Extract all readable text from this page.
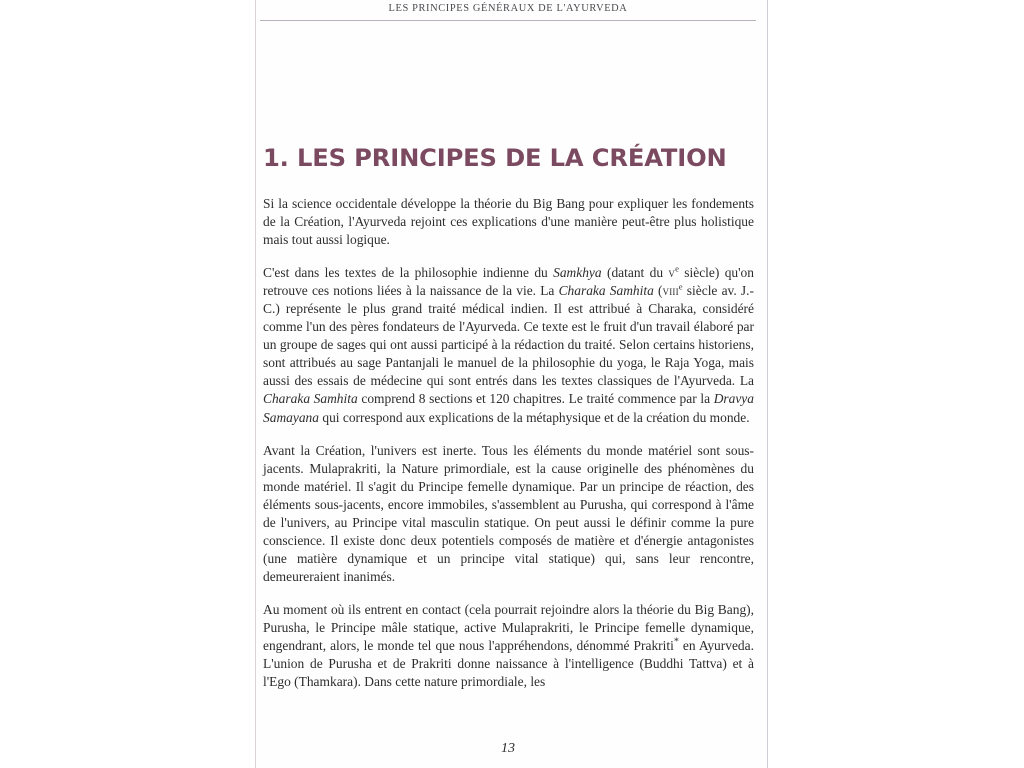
LES PRINCIPES GÉNÉRAUX DE L'AYURVEDA
1. LES PRINCIPES DE LA CRÉATION

Si la science occidentale développe la théorie du Big Bang pour expliquer les fondements de la Création, l'Ayurveda rejoint ces explications d'une manière peut-être plus holistique mais tout aussi logique.

C'est dans les textes de la philosophie indienne du Samkhya (datant du $v^e$ siècle) qu'on retrouve ces notions liées à la naissance de la vie. La Charaka Samhita (viii$^e$ siècle av. J.-C.) représente le plus grand traité médical indien. Il est attribué à Charaka, considéré comme l'un des pères fondateurs de l'Ayurveda. Ce texte est le fruit d'un travail élaboré par un groupe de sages qui ont aussi participé à la rédaction du traité. Selon certains historiens, sont attribués au sage Pantanjali le manuel de la philosophie du yoga, le Raja Yoga, mais aussi des essais de médecine qui sont entrés dans les textes classiques de l'Ayurveda. La Charaka Samhita comprend 8 sections et 120 chapitres. Le traité commence par la Dravya Samayana qui correspond aux explications de la métaphysique et de la création du monde.

Avant la Création, l'univers est inerte. Tous les éléments du monde matériel sont sous-jacents. Mulaprakriti, la Nature primordiale, est la cause originelle des phénomènes du monde matériel. Il s'agit du Principe femelle dynamique. Par un principe de réaction, des éléments sous-jacents, encore immobiles, s'assemblent au Purusha, qui correspond à l'âme de l'univers, au Principe vital masculin statique. On peut aussi le définir comme la pure conscience. Il existe donc deux potentiels composés de matière et d'énergie antagonistes (une matière dynamique et un principe vital statique) qui, sans leur rencontre, demeureraient inanimés.

Au moment où ils entrent en contact (cela pourrait rejoindre alors la théorie du Big Bang), Purusha, le Principe mâle statique, active Mulaprakriti, le Principe femelle dynamique, engendrant, alors, le monde tel que nous l'appréhendons, dénommé Prakriti* en Ayurveda. L'union de Purusha et de Prakriti donne naissance à l'intelligence (Buddhi Tattva) et à l'Ego (Thamkara). Dans cette nature primordiale, les

13
